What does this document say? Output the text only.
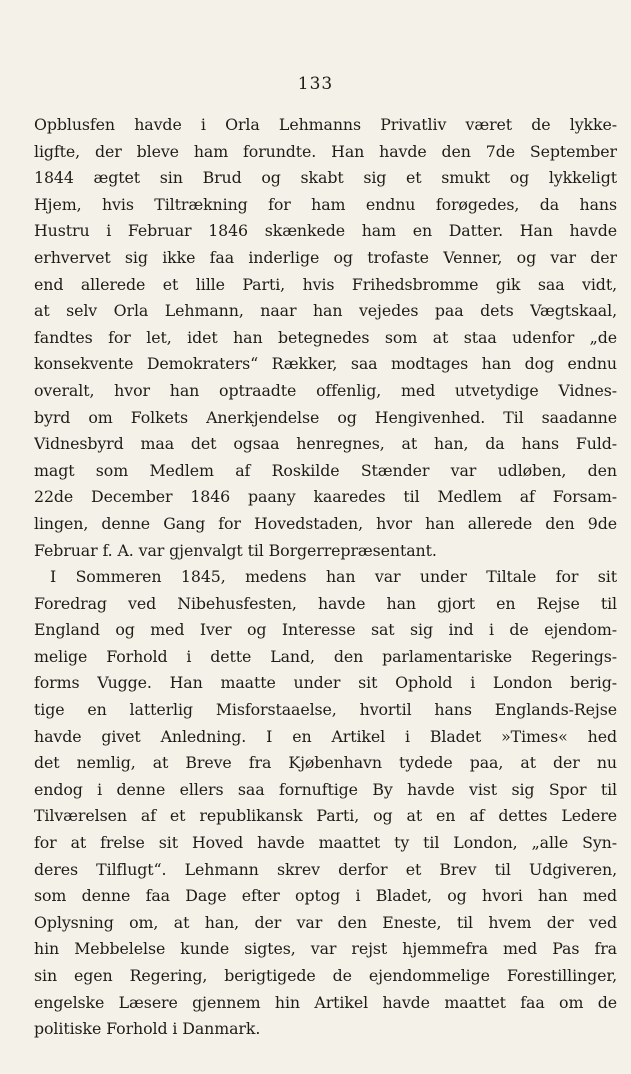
133
Opblusfen havde i Orla Lehmanns Privatliv været de lykke-
ligfte, der bleve ham forundte. Han havde den 7de September
1844 ægtet sin Brud og skabt sig et smukt og lykkeligt
Hjem, hvis Tiltrækning for ham endnu forøgedes, da hans
Hustru i Februar 1846 skænkede ham en Datter. Han havde
erhvervet sig ikke faa inderlige og trofaste Venner, og var der
end allerede et lille Parti, hvis Frihedsbromme gik saa vidt,
at selv Orla Lehmann, naar han vejedes paa dets Vægtskaal,
fandtes for let, idet han betegnedes som at staa udenfor „de
konsekvente Demokraters“ Rækker, saa modtages han dog endnu
overalt, hvor han optraadte offenlig, med utvetydige Vidnes-
byrd om Folkets Anerkjendelse og Hengivenhed. Til saadanne
Vidnesbyrd maa det ogsaa henregnes, at han, da hans Fuld-
magt som Medlem af Roskilde Stænder var udløben, den
22de December 1846 paany kaaredes til Medlem af Forsam-
lingen, denne Gang for Hovedstaden, hvor han allerede den 9de
Februar f. A. var gjenvalgt til Borgerrepræsentant.
I Sommeren 1845, medens han var under Tiltale for sit
Foredrag ved Nibehusfesten, havde han gjort en Rejse til
England og med Iver og Interesse sat sig ind i de ejendom-
melige Forhold i dette Land, den parlamentariske Regerings-
forms Vugge. Han maatte under sit Ophold i London berig-
tige en latterlig Misforstaaelse, hvortil hans Englands-Rejse
havde givet Anledning. I en Artikel i Bladet »Times« hed
det nemlig, at Breve fra Kjøbenhavn tydede paa, at der nu
endog i denne ellers saa fornuftige By havde vist sig Spor til
Tilværelsen af et republikansk Parti, og at en af dettes Ledere
for at frelse sit Hoved havde maattet ty til London, „alle Syn-
deres Tilflugt“. Lehmann skrev derfor et Brev til Udgiveren,
som denne faa Dage efter optog i Bladet, og hvori han med
Oplysning om, at han, der var den Eneste, til hvem der ved
hin Mebbelelse kunde sigtes, var rejst hjemmefra med Pas fra
sin egen Regering, berigtigede de ejendommelige Forestillinger,
engelske Læsere gjennem hin Artikel havde maattet faa om de
politiske Forhold i Danmark.
